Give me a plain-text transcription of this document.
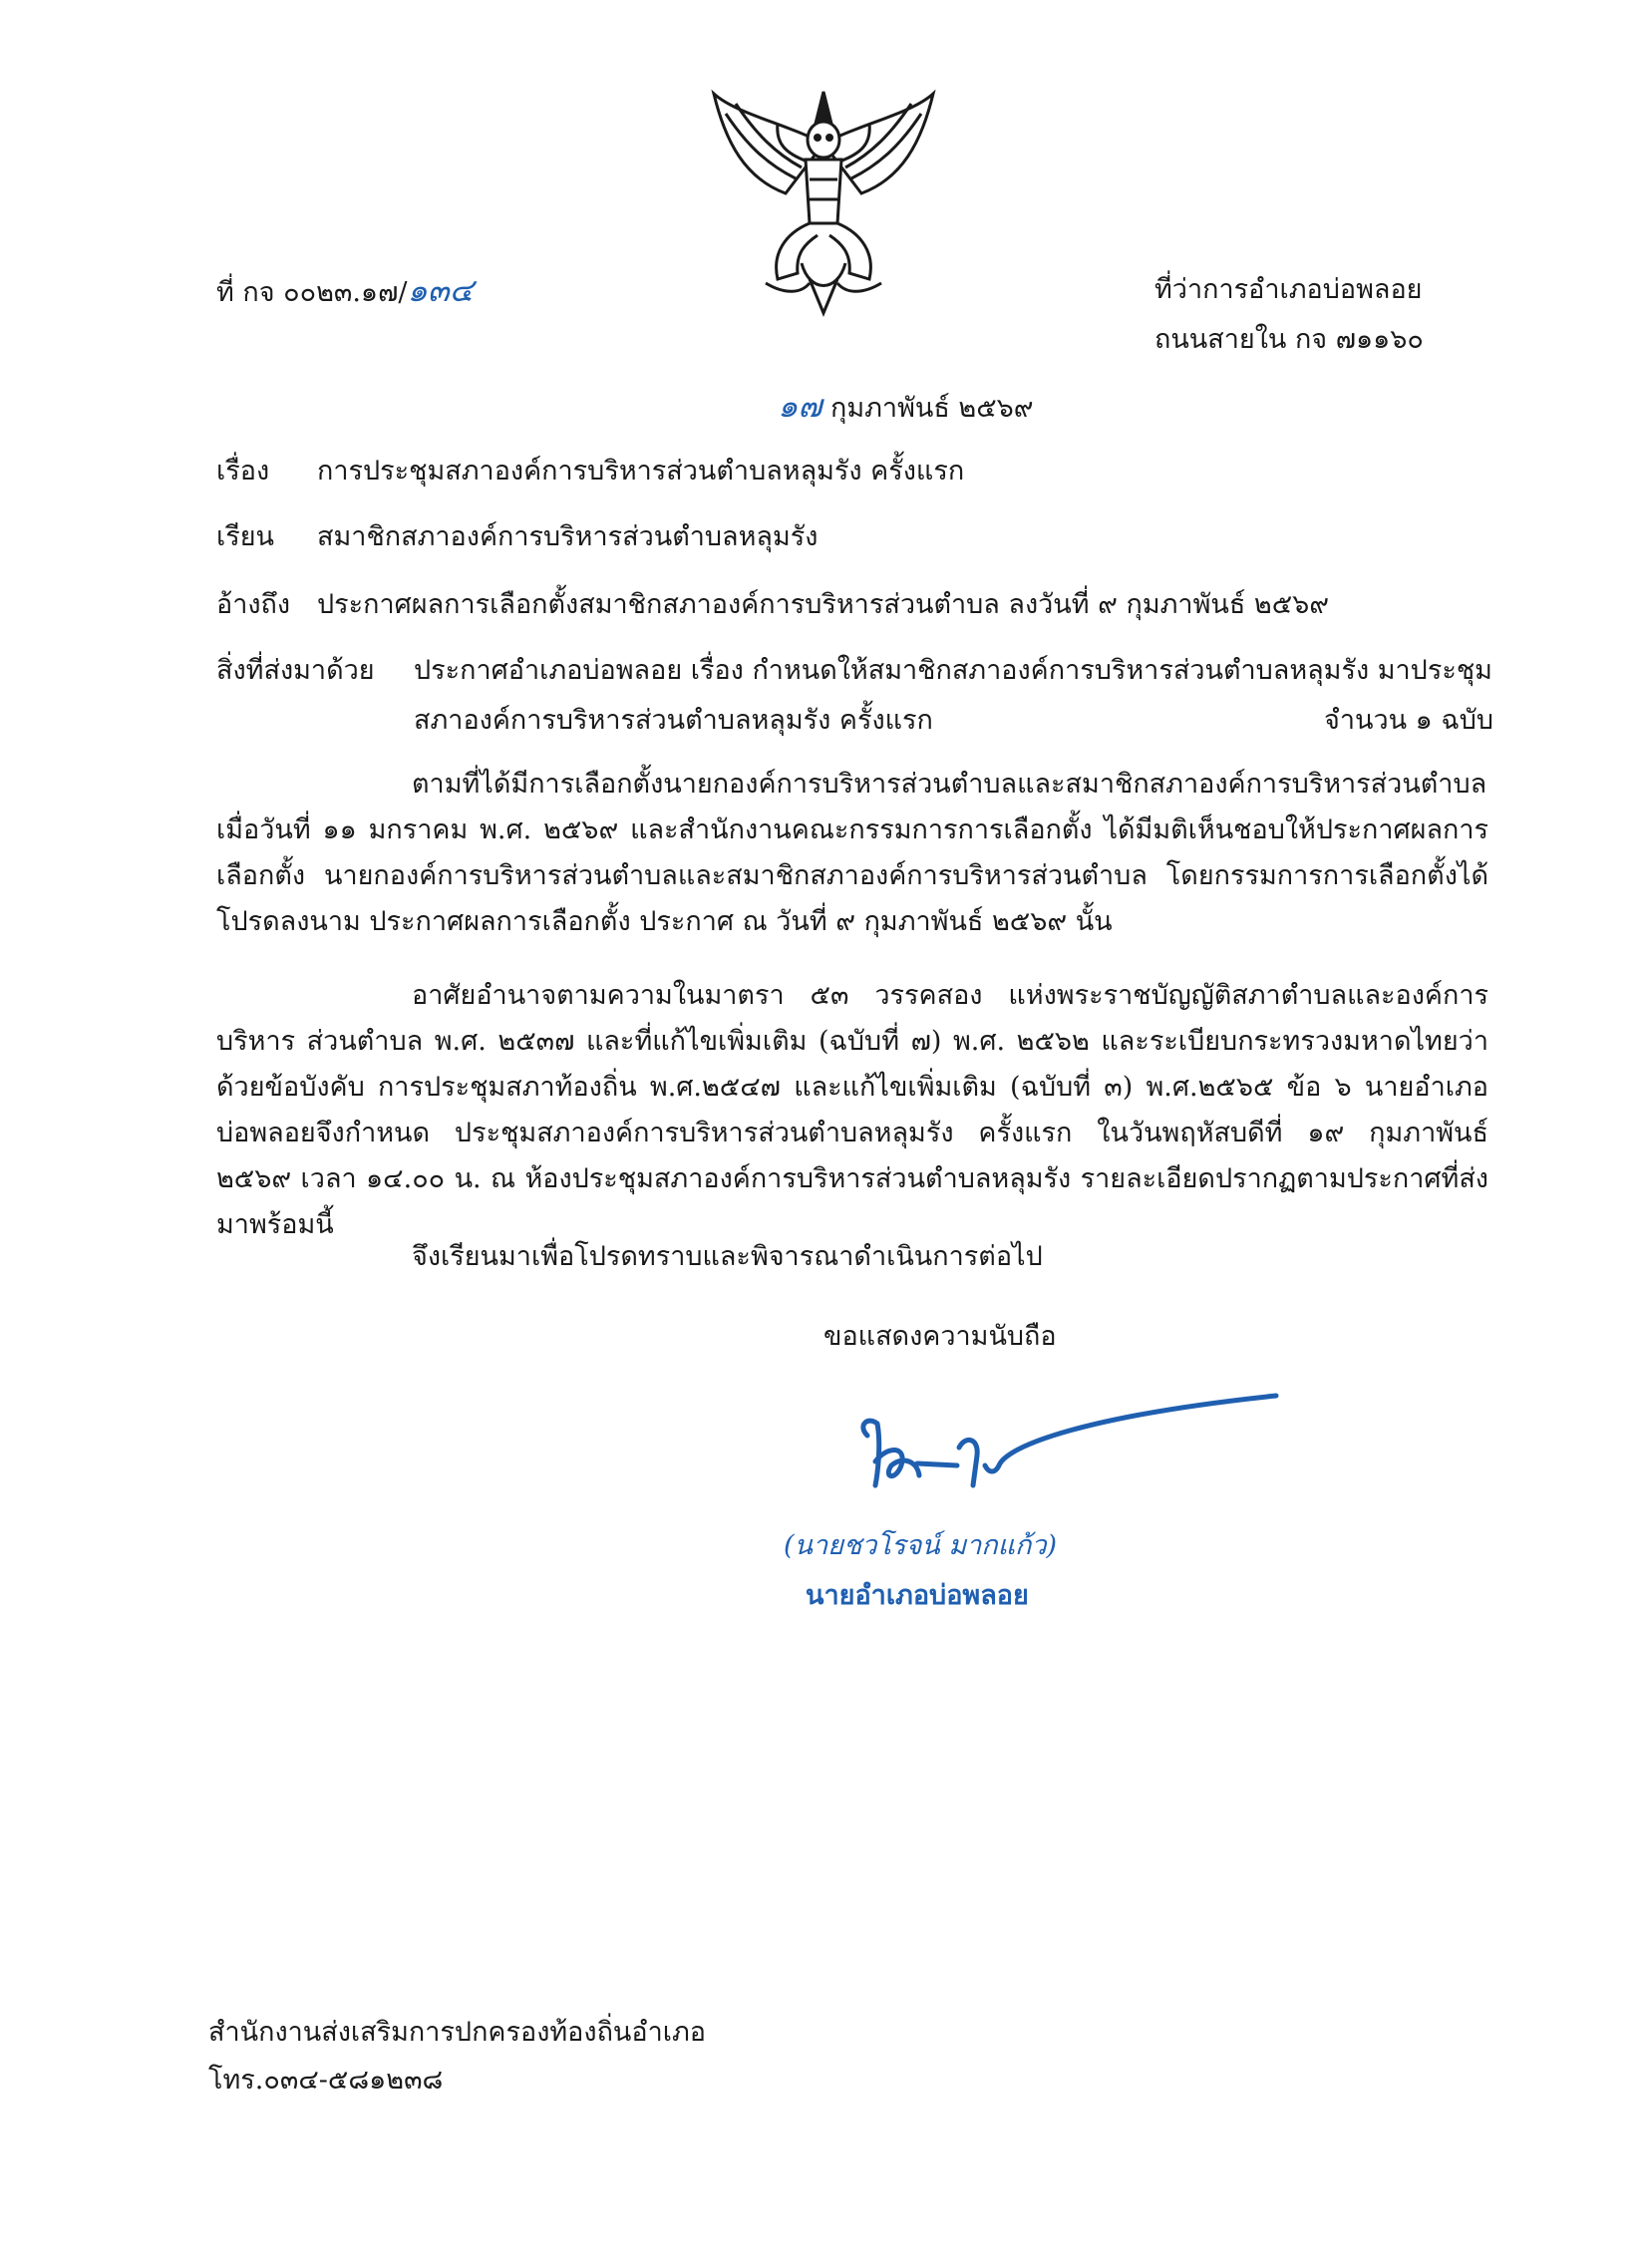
ที่ กจ ๐๐๒๓.๑๗/๑๓๔	ที่ว่าการอำเภอบ่อพลอย
ถนนสายใน กจ ๗๑๑๖๐
๑๗ กุมภาพันธ์ ๒๕๖๙
เรื่อง การประชุมสภาองค์การบริหารส่วนตำบลหลุมรัง ครั้งแรก
เรียน สมาชิกสภาองค์การบริหารส่วนตำบลหลุมรัง
อ้างถึง ประกาศผลการเลือกตั้งสมาชิกสภาองค์การบริหารส่วนตำบล ลงวันที่ ๙ กุมภาพันธ์ ๒๕๖๙
สิ่งที่ส่งมาด้วย ประกาศอำเภอบ่อพลอย เรื่อง กำหนดให้สมาชิกสภาองค์การบริหารส่วนตำบลหลุมรัง มาประชุม
สภาองค์การบริหารส่วนตำบลหลุมรัง ครั้งแรก	จำนวน ๑ ฉบับ
ตามที่ได้มีการเลือกตั้งนายกองค์การบริหารส่วนตำบลและสมาชิกสภาองค์การบริหารส่วนตำบล เมื่อวันที่ ๑๑ มกราคม พ.ศ. ๒๕๖๙ และสำนักงานคณะกรรมการการเลือกตั้ง ได้มีมติเห็นชอบให้ประกาศผลการเลือกตั้ง นายกองค์การบริหารส่วนตำบลและสมาชิกสภาองค์การบริหารส่วนตำบล โดยกรรมการการเลือกตั้งได้โปรดลงนาม ประกาศผลการเลือกตั้ง ประกาศ ณ วันที่ ๙ กุมภาพันธ์ ๒๕๖๙ นั้น
อาศัยอำนาจตามความในมาตรา ๕๓ วรรคสอง แห่งพระราชบัญญัติสภาตำบลและองค์การบริหาร ส่วนตำบล พ.ศ. ๒๕๓๗ และที่แก้ไขเพิ่มเติม (ฉบับที่ ๗) พ.ศ. ๒๕๖๒ และระเบียบกระทรวงมหาดไทยว่าด้วยข้อบังคับ การประชุมสภาท้องถิ่น พ.ศ.๒๕๔๗ และแก้ไขเพิ่มเติม (ฉบับที่ ๓) พ.ศ.๒๕๖๕ ข้อ ๖ นายอำเภอบ่อพลอยจึงกำหนด ประชุมสภาองค์การบริหารส่วนตำบลหลุมรัง ครั้งแรก ในวันพฤหัสบดีที่ ๑๙ กุมภาพันธ์ ๒๕๖๙ เวลา ๑๔.๐๐ น. ณ ห้องประชุมสภาองค์การบริหารส่วนตำบลหลุมรัง รายละเอียดปรากฏตามประกาศที่ส่งมาพร้อมนี้
จึงเรียนมาเพื่อโปรดทราบและพิจารณาดำเนินการต่อไป
ขอแสดงความนับถือ
(นายชวโรจน์ มากแก้ว)
นายอำเภอบ่อพลอย
สำนักงานส่งเสริมการปกครองท้องถิ่นอำเภอ
โทร.๐๓๔-๕๘๑๒๓๘
